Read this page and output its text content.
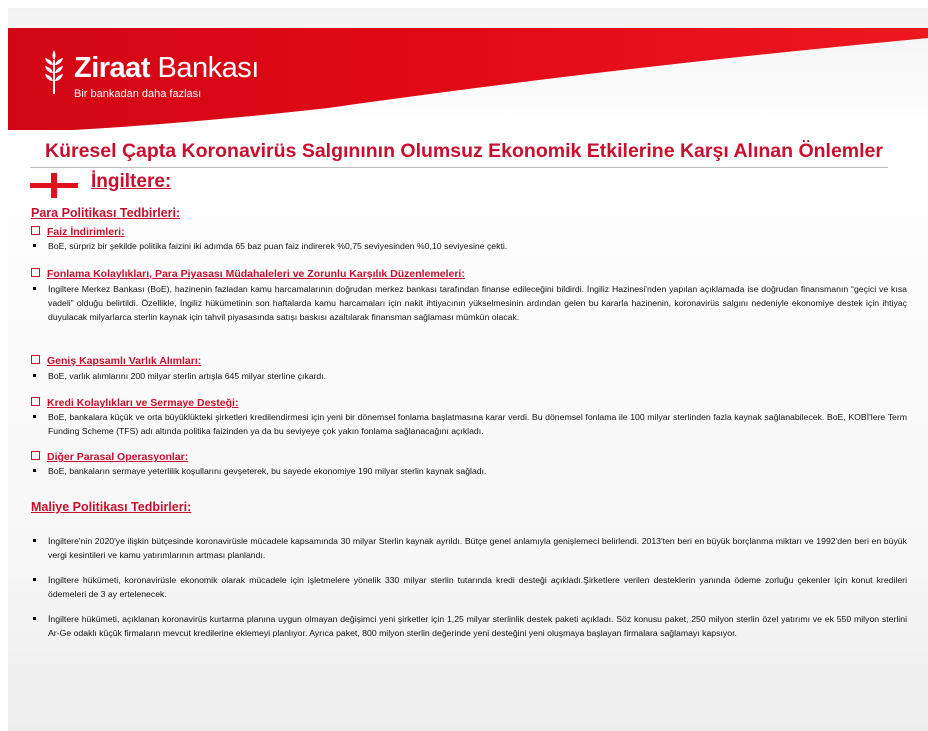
Ziraat Bankası
Bir bankadan daha fazlası
Küresel Çapta Koronavirüs Salgınının Olumsuz Ekonomik Etkilerine Karşı Alınan Önlemler
İngiltere:
Para Politikası Tedbirleri:
Faiz İndirimleri:
BoE, sürpriz bir şekilde politika faizini iki adımda 65 baz puan faiz indirerek %0,75 seviyesinden %0,10 seviyesine çekti.
Fonlama Kolaylıkları, Para Piyasası Müdahaleleri ve Zorunlu Karşılık Düzenlemeleri:
İngiltere Merkez Bankası (BoE), hazinenin fazladan kamu harcamalarının doğrudan merkez bankası tarafından finanse edileceğini bildirdi. İngiliz Hazinesi'nden yapılan açıklamada ise doğrudan finansmanın “geçici ve kısa vadeli” olduğu belirtildi. Özellikle, İngiliz hükümetinin son haftalarda kamu harcamaları için nakit ihtiyacının yükselmesinin ardından gelen bu kararla hazinenin, koronavirüs salgını nedeniyle ekonomiye destek için ihtiyaç duyulacak milyarlarca sterlin kaynak için tahvil piyasasında satışı baskısı azaltılarak finansman sağlaması mümkün olacak.
Geniş Kapsamlı Varlık Alımları:
BoE, varlık alımlarını 200 milyar sterlin artışla 645 milyar sterline çıkardı.
Kredi Kolaylıkları ve Sermaye Desteği:
BoE, bankalara küçük ve orta büyüklükteki şirketleri kredilendirmesi için yeni bir dönemsel fonlama başlatmasına karar verdi. Bu dönemsel fonlama ile 100 milyar sterlinden fazla kaynak sağlanabilecek. BoE, KOBİ'lere Term Funding Scheme (TFS) adı altında politika faizinden ya da bu seviyeye çok yakın fonlama sağlanacağını açıkladı.
Diğer Parasal Operasyonlar:
BoE, bankaların sermaye yeterlilik koşullarını gevşeterek, bu sayede ekonomiye 190 milyar sterlin kaynak sağladı.
Maliye Politikası Tedbirleri:
İngiltere'nin 2020'ye ilişkin bütçesinde koronavirüsle mücadele kapsamında 30 milyar Sterlin kaynak ayrıldı. Bütçe genel anlamıyla genişlemeci belirlendi. 2013'ten beri en büyük borçlanma miktarı ve 1992'den beri en büyük vergi kesintileri ve kamu yatırımlarının artması planlandı.
İngiltere hükümeti, koronavirüsle ekonomik olarak mücadele için işletmelere yönelik 330 milyar sterlin tutarında kredi desteği açıkladı.Şirketlere verilen desteklerin yanında ödeme zorluğu çekenler için konut kredileri ödemeleri de 3 ay ertelenecek.
İngiltere hükümeti, açıklanan koronavirüs kurtarma planına uygun olmayan değişimci yeni şirketler için 1,25 milyar sterlinlik destek paketi açıkladı. Söz konusu paket, 250 milyon sterlin özel yatırımı ve ek 550 milyon sterlini Ar-Ge odaklı küçük firmaların mevcut kredilerine eklemeyi planlıyor. Ayrıca paket, 800 milyon sterlin değerinde yeni desteğini yeni oluşmaya başlayan firmalara sağlamayı kapsıyor.
